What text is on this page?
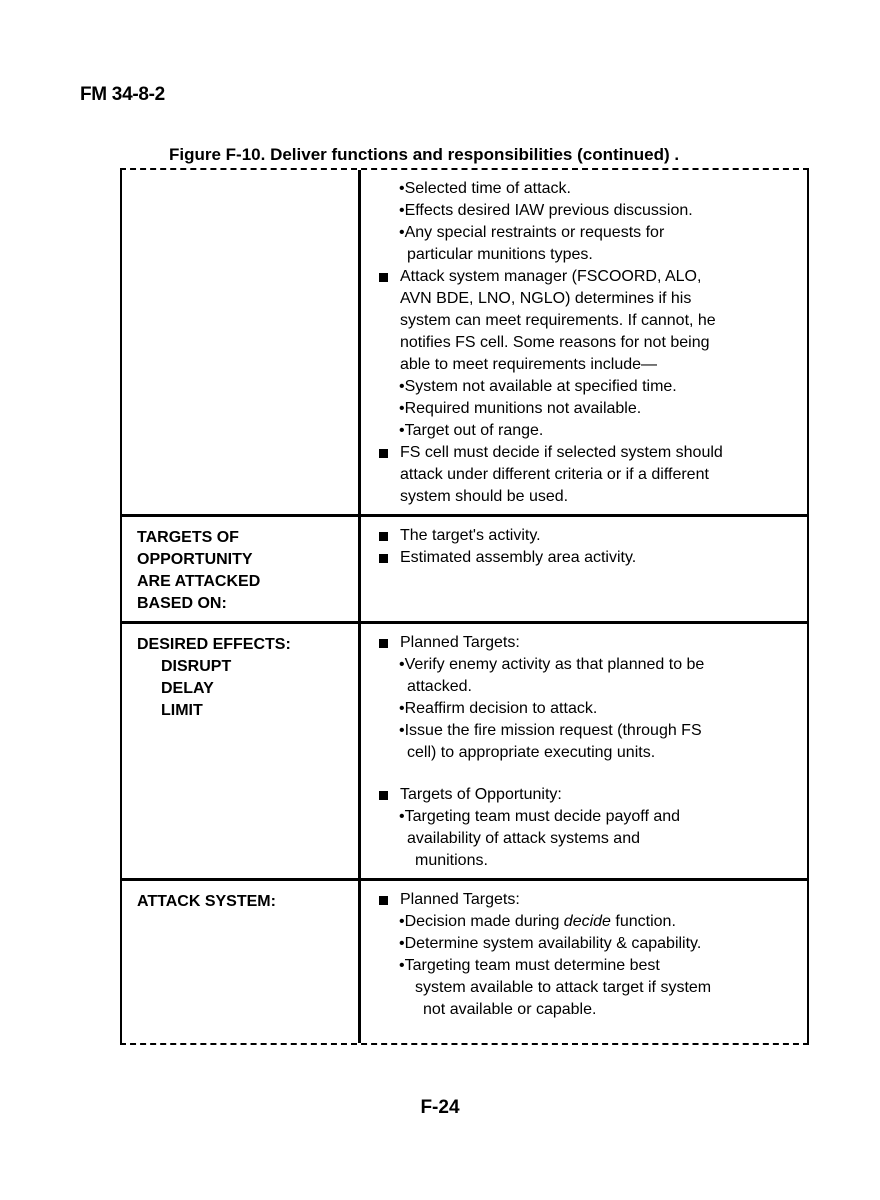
FM 34-8-2
Figure F-10. Deliver functions and responsibilities (continued) .
•Selected time of attack.
•Effects desired IAW previous discussion.
•Any special restraints or requests for
particular munitions types.
Attack system manager (FSCOORD, ALO,
AVN BDE, LNO, NGLO) determines if his
system can meet requirements. If cannot, he
notifies FS cell. Some reasons for not being
able to meet requirements include—
•System not available at specified time.
•Required munitions not available.
•Target out of range.
FS cell must decide if selected system should
attack under different criteria or if a different
system should be used.
TARGETS OF
OPPORTUNITY
ARE ATTACKED
BASED ON:
The target's activity.
Estimated assembly area activity.
DESIRED EFFECTS:
DISRUPT
DELAY
LIMIT
Planned Targets:
•Verify enemy activity as that planned to be
attacked.
•Reaffirm decision to attack.
•Issue the fire mission request (through FS
cell) to appropriate executing units.
Targets of Opportunity:
•Targeting team must decide payoff and
availability of attack systems and
munitions.
ATTACK SYSTEM:	Planned Targets:
•Decision made during decide function.
•Determine system availability & capability.
•Targeting team must determine best
system available to attack target if system
not available or capable.
F-24
